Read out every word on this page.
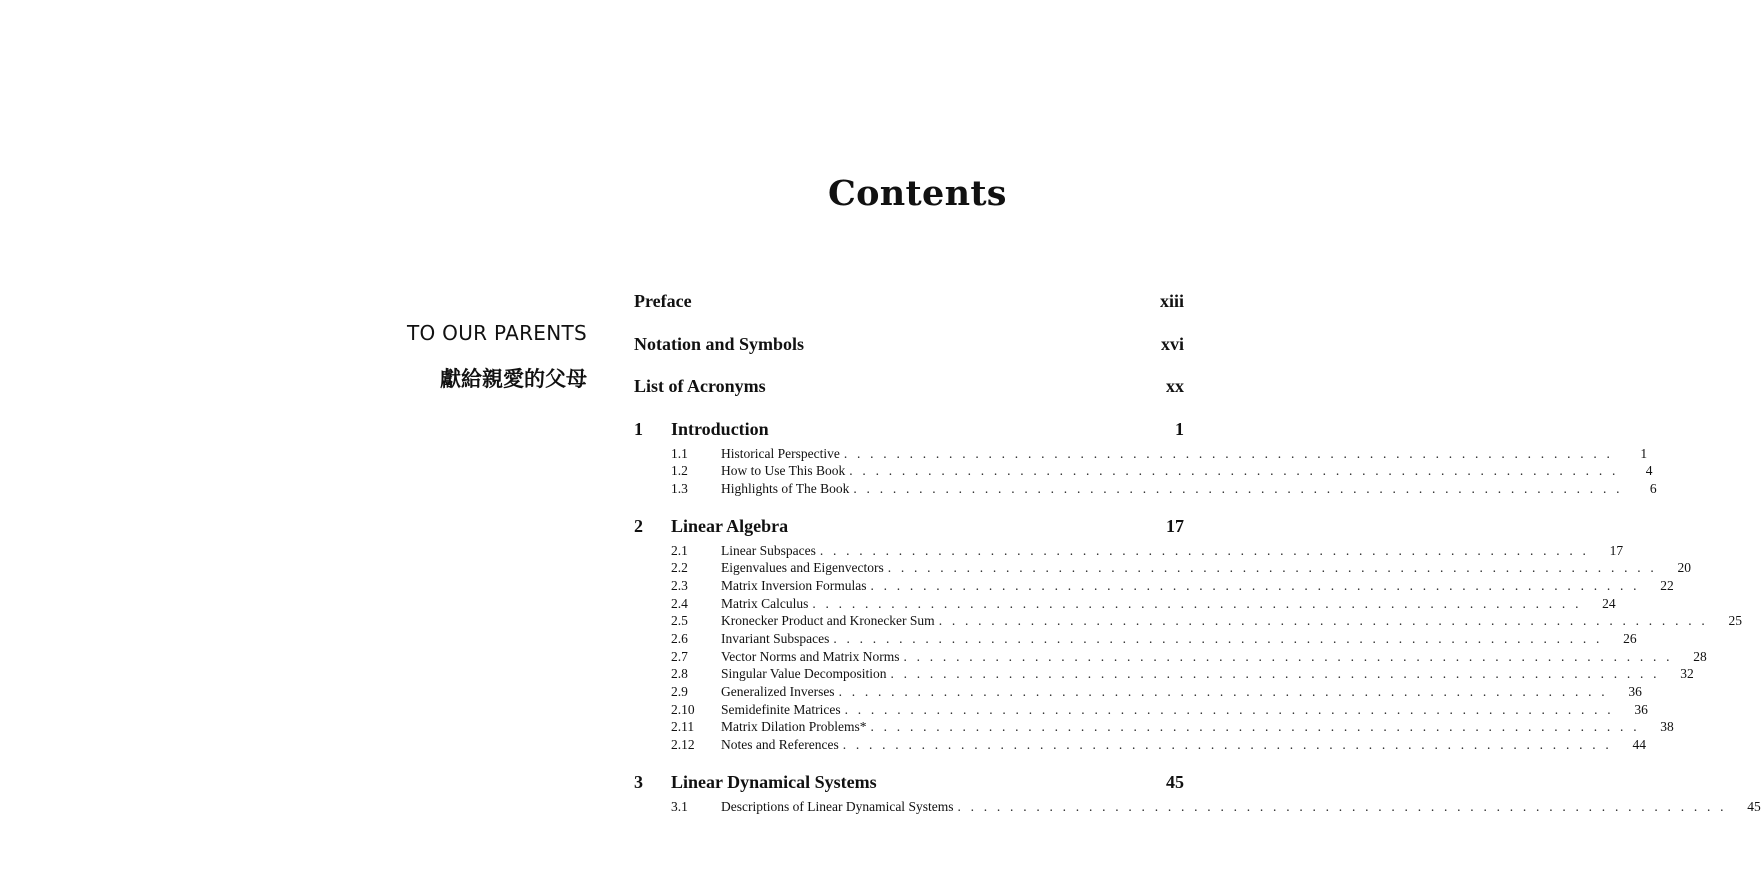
TO OUR PARENTS
獻給親愛的父母
Contents
Preface	xiii
Notation and Symbols	xvi
List of Acronyms	xx
1	Introduction	1
1.1	Historical Perspective . . .	1
1.2	How to Use This Book . . .	4
1.3	Highlights of The Book . . .	6
2	Linear Algebra	17
2.1	Linear Subspaces . . .	17
2.2	Eigenvalues and Eigenvectors . . .	20
2.3	Matrix Inversion Formulas . . .	22
2.4	Matrix Calculus . . .	24
2.5	Kronecker Product and Kronecker Sum . . .	25
2.6	Invariant Subspaces . . .	26
2.7	Vector Norms and Matrix Norms . . .	28
2.8	Singular Value Decomposition . . .	32
2.9	Generalized Inverses . . .	36
2.10	Semidefinite Matrices . . .	36
2.11	Matrix Dilation Problems* . . .	38
2.12	Notes and References . . .	44
3	Linear Dynamical Systems	45
3.1	Descriptions of Linear Dynamical Systems . . .	45
